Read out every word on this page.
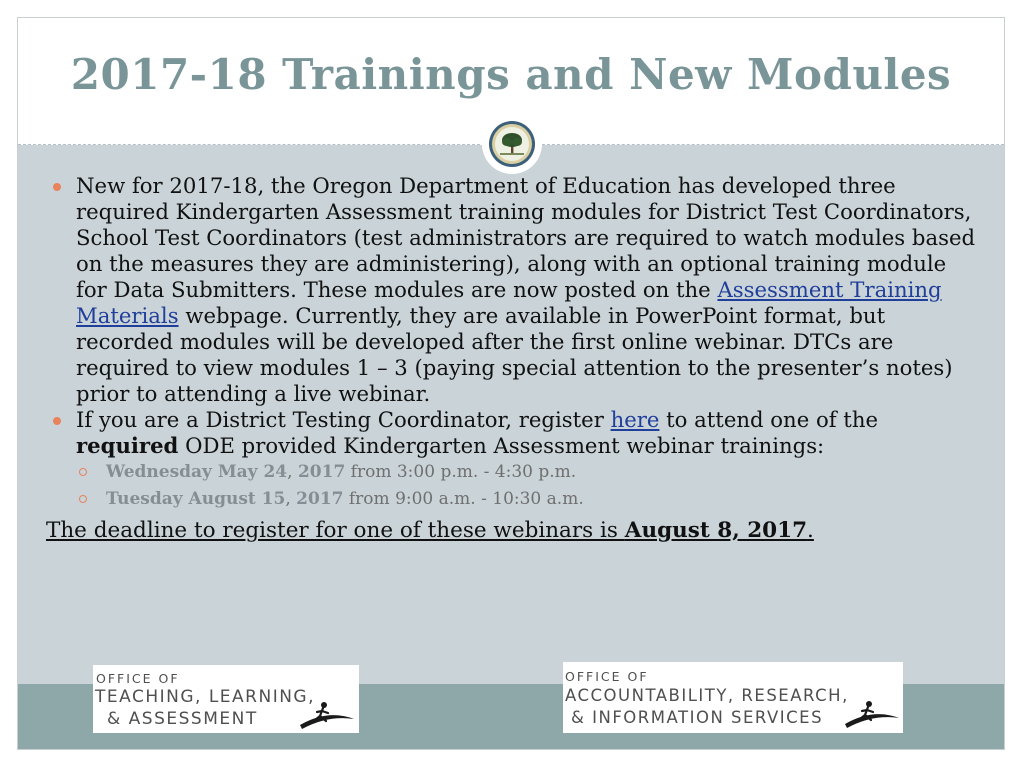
2017-18 Trainings and New Modules

New for 2017-18, the Oregon Department of Education has developed three required Kindergarten Assessment training modules for District Test Coordinators, School Test Coordinators (test administrators are required to watch modules based on the measures they are administering), along with an optional training module for Data Submitters. These modules are now posted on the Assessment Training Materials webpage. Currently, they are available in PowerPoint format, but recorded modules will be developed after the first online webinar. DTCs are required to view modules 1 – 3 (paying special attention to the presenter’s notes) prior to attending a live webinar.

If you are a District Testing Coordinator, register here to attend one of the required ODE provided Kindergarten Assessment webinar trainings:

Wednesday May 24, 2017 from 3:00 p.m. - 4:30 p.m.

Tuesday August 15, 2017 from 9:00 a.m. - 10:30 a.m.

The deadline to register for one of these webinars is August 8, 2017.

OFFICE OF
TEACHING, LEARNING,
& ASSESSMENT
OFFICE OF
ACCOUNTABILITY, RESEARCH,
& INFORMATION SERVICES
